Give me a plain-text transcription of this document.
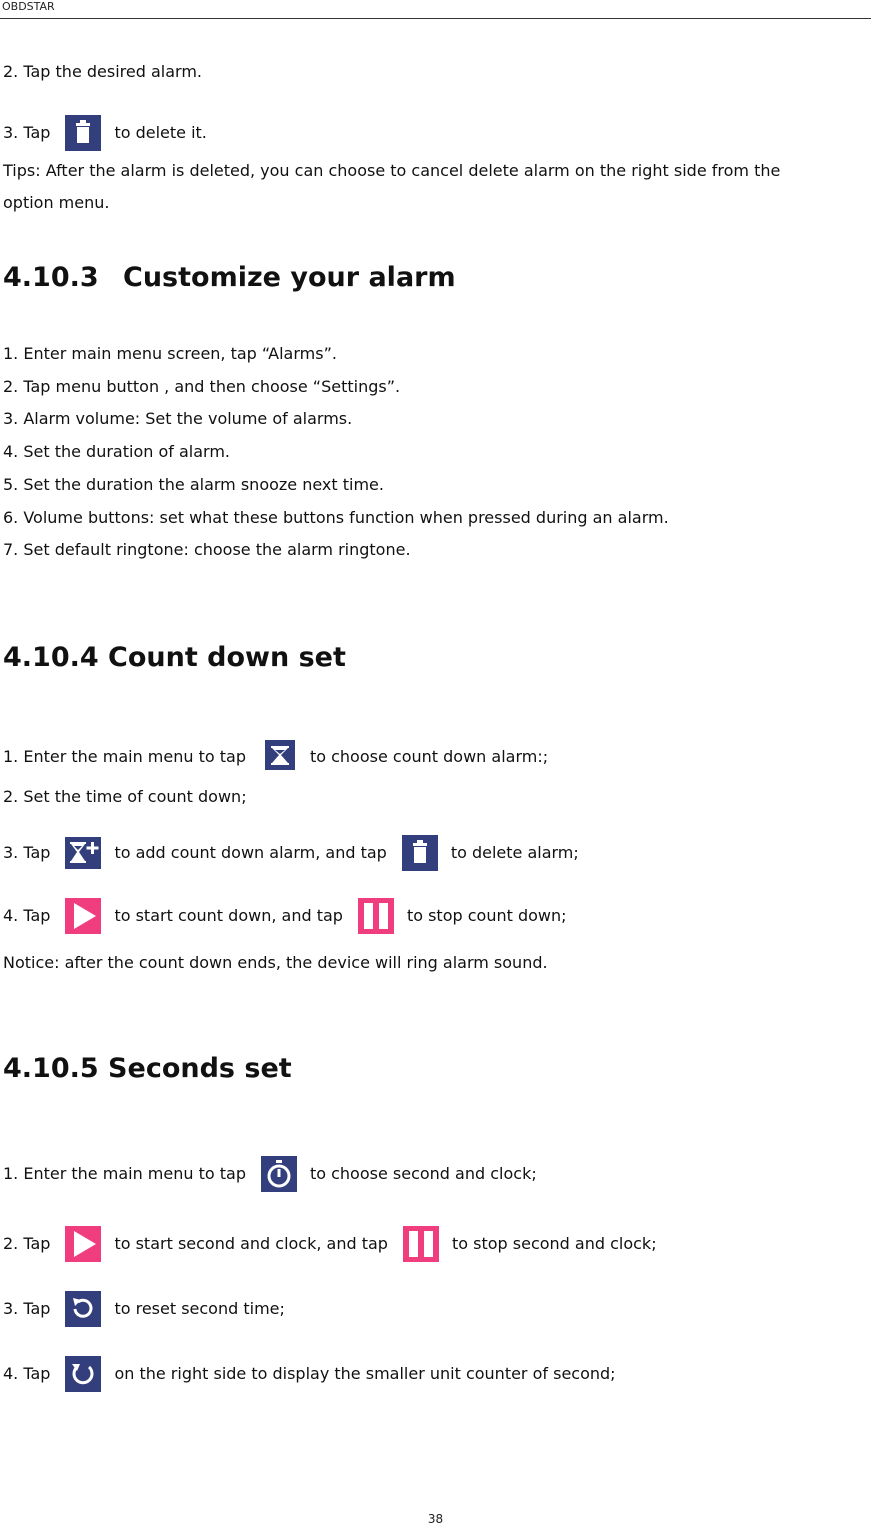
OBDSTAR
2. Tap the desired alarm.
3. Tap	to delete it.
Tips: After the alarm is deleted, you can choose to cancel delete alarm on the right side from the
option menu.
4.10.3 Customize your alarm
1. Enter main menu screen, tap “Alarms”.
2. Tap menu button , and then choose “Settings”.
3. Alarm volume: Set the volume of alarms.
4. Set the duration of alarm.
5. Set the duration the alarm snooze next time.
6. Volume buttons: set what these buttons function when pressed during an alarm.
7. Set default ringtone: choose the alarm ringtone.
4.10.4 Count down set
1. Enter the main menu to tap	to choose count down alarm:;
2. Set the time of count down;
3. Tap	to add count down alarm, and tap	to delete alarm;
4. Tap	to start count down, and tap	to stop count down;
Notice: after the count down ends, the device will ring alarm sound.
4.10.5 Seconds set
1. Enter the main menu to tap	to choose second and clock;
2. Tap	to start second and clock, and tap	to stop second and clock;
3. Tap	to reset second time;
4. Tap	on the right side to display the smaller unit counter of second;
38
